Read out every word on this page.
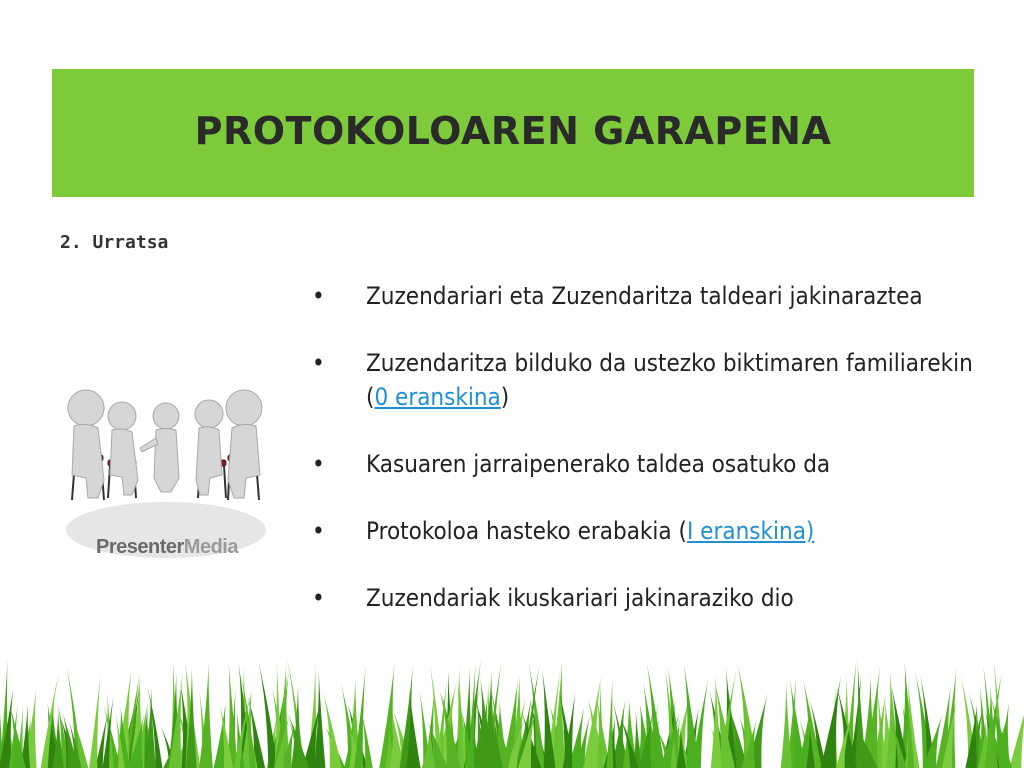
PROTOKOLOAREN GARAPENA
2. Urratsa
PresenterMedia
• Zuzendariari eta Zuzendaritza taldeari jakinaraztea
• Zuzendaritza bilduko da ustezko biktimaren familiarekin (0 eranskina)
• Kasuaren jarraipenerako taldea osatuko da
• Protokoloa hasteko erabakia (I eranskina)
• Zuzendariak ikuskariari jakinaraziko dio
